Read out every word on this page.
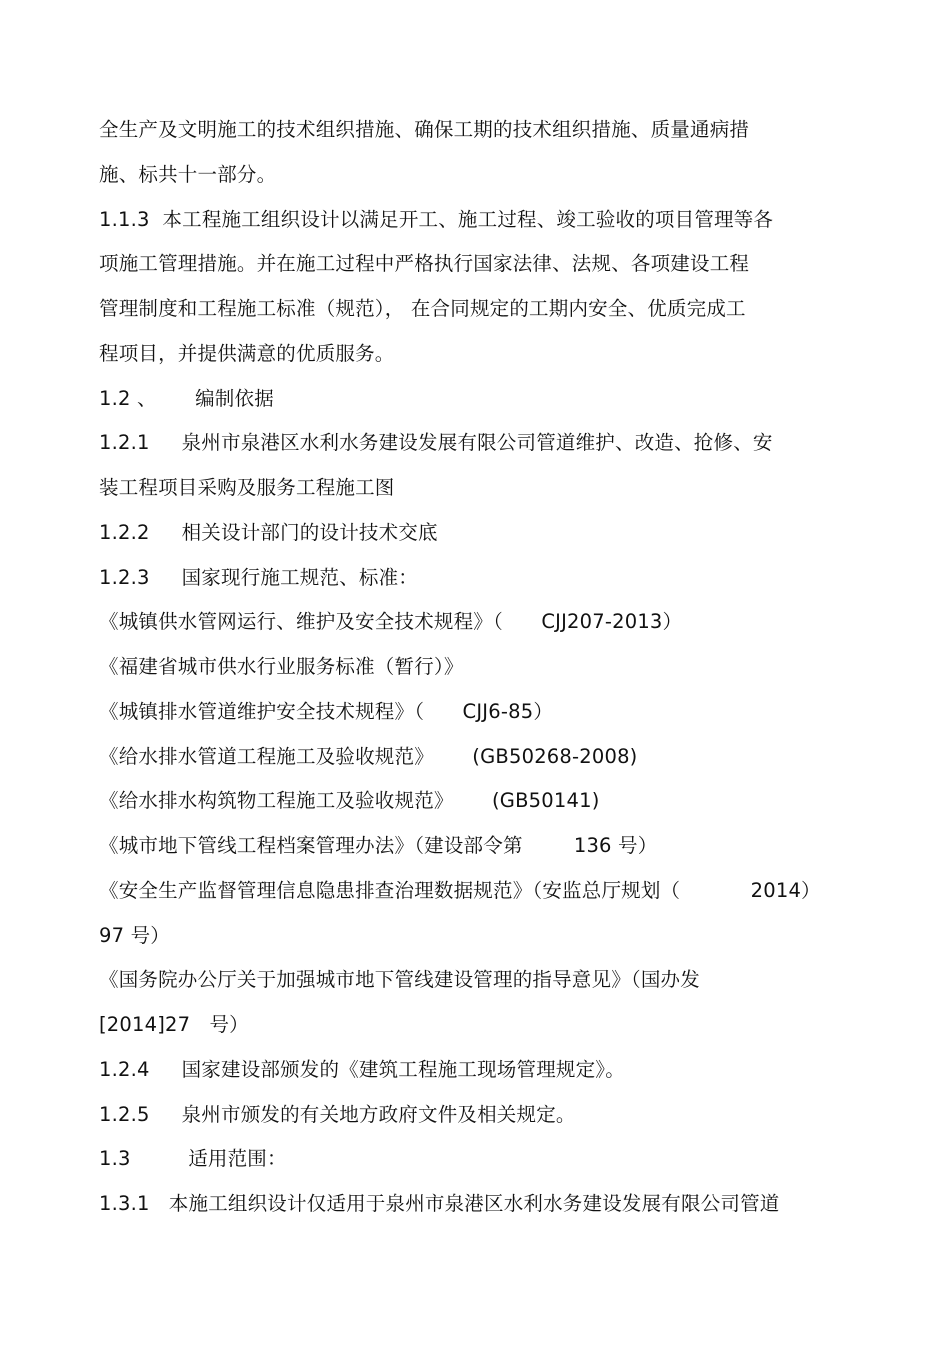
全生产及文明施工的技术组织措施、确保工期的技术组织措施、质量通病措
施、标共十一部分。
1.1.3  本工程施工组织设计以满足开工、施工过程、竣工验收的项目管理等各
项施工管理措施。并在施工过程中严格执行国家法律、法规、各项建设工程
管理制度和工程施工标准（规范）， 在合同规定的工期内安全、优质完成工
程项目，并提供满意的优质服务。
1.2 、      编制依据
1.2.1     泉州市泉港区水利水务建设发展有限公司管道维护、改造、抢修、安
装工程项目采购及服务工程施工图
1.2.2     相关设计部门的设计技术交底
1.2.3     国家现行施工规范、标准：
《城镇供水管网运行、维护及安全技术规程》（      CJJ207-2013）
《福建省城市供水行业服务标准（暂行）》
《城镇排水管道维护安全技术规程》（      CJJ6-85）
《给水排水管道工程施工及验收规范》      (GB50268-2008)
《给水排水构筑物工程施工及验收规范》      (GB50141)
《城市地下管线工程档案管理办法》（建设部令第        136 号）
《安全生产监督管理信息隐患排查治理数据规范》（安监总厅规划（           2014）
97 号）
《国务院办公厅关于加强城市地下管线建设管理的指导意见》（国办发
[2014]27   号）
1.2.4     国家建设部颁发的《建筑工程施工现场管理规定》。
1.2.5     泉州市颁发的有关地方政府文件及相关规定。
1.3         适用范围：
1.3.1   本施工组织设计仅适用于泉州市泉港区水利水务建设发展有限公司管道
